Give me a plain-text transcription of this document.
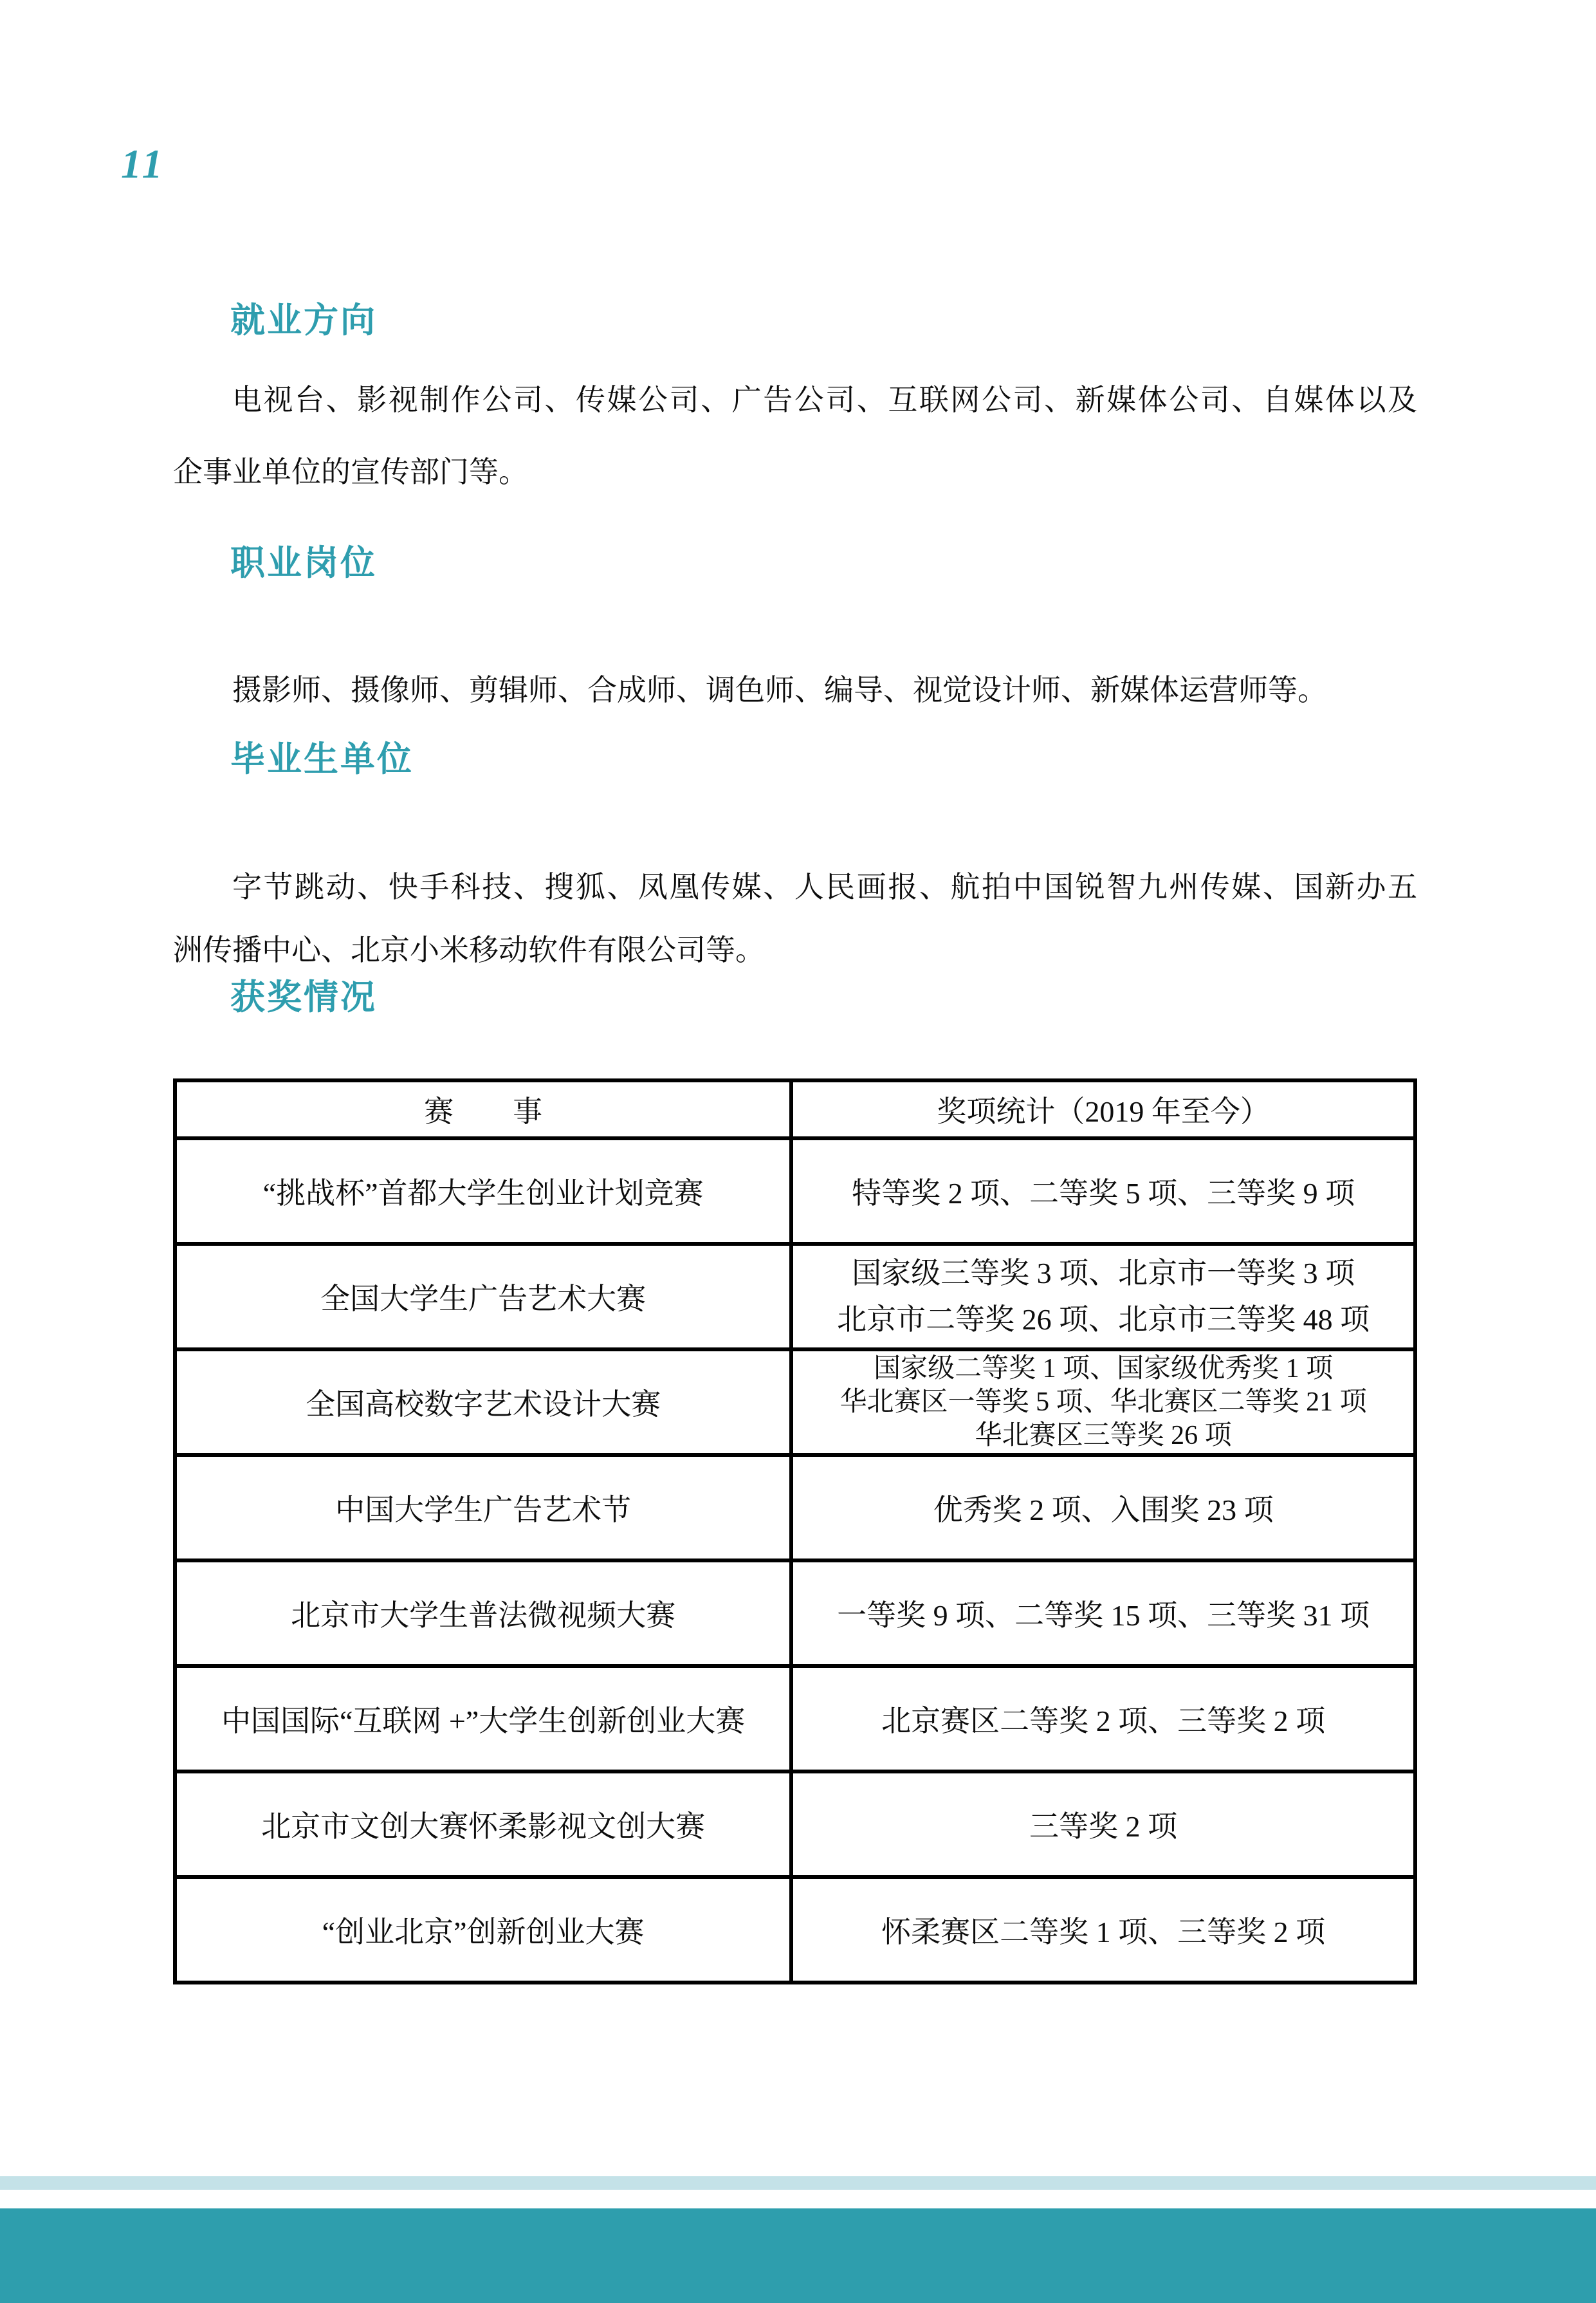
11
就业方向
电视台、影视制作公司、传媒公司、广告公司、互联网公司、新媒体公司、自媒体以及
企事业单位的宣传部门等。
职业岗位
摄影师、摄像师、剪辑师、合成师、调色师、编导、视觉设计师、新媒体运营师等。
毕业生单位
字节跳动、快手科技、搜狐、凤凰传媒、人民画报、航拍中国锐智九州传媒、国新办五
洲传播中心、北京小米移动软件有限公司等。
获奖情况
赛　　事	奖项统计（2019 年至今）
“挑战杯”首都大学生创业计划竞赛	特等奖 2 项、二等奖 5 项、三等奖 9 项
全国大学生广告艺术大赛	国家级三等奖 3 项、北京市一等奖 3 项
北京市二等奖 26 项、北京市三等奖 48 项

全国高校数字艺术设计大赛	国家级二等奖 1 项、国家级优秀奖 1 项
华北赛区一等奖 5 项、华北赛区二等奖 21 项
华北赛区三等奖 26 项

中国大学生广告艺术节	优秀奖 2 项、入围奖 23 项
北京市大学生普法微视频大赛	一等奖 9 项、二等奖 15 项、三等奖 31 项
中国国际“互联网 +”大学生创新创业大赛	北京赛区二等奖 2 项、三等奖 2 项
北京市文创大赛怀柔影视文创大赛	三等奖 2 项
“创业北京”创新创业大赛	怀柔赛区二等奖 1 项、三等奖 2 项
